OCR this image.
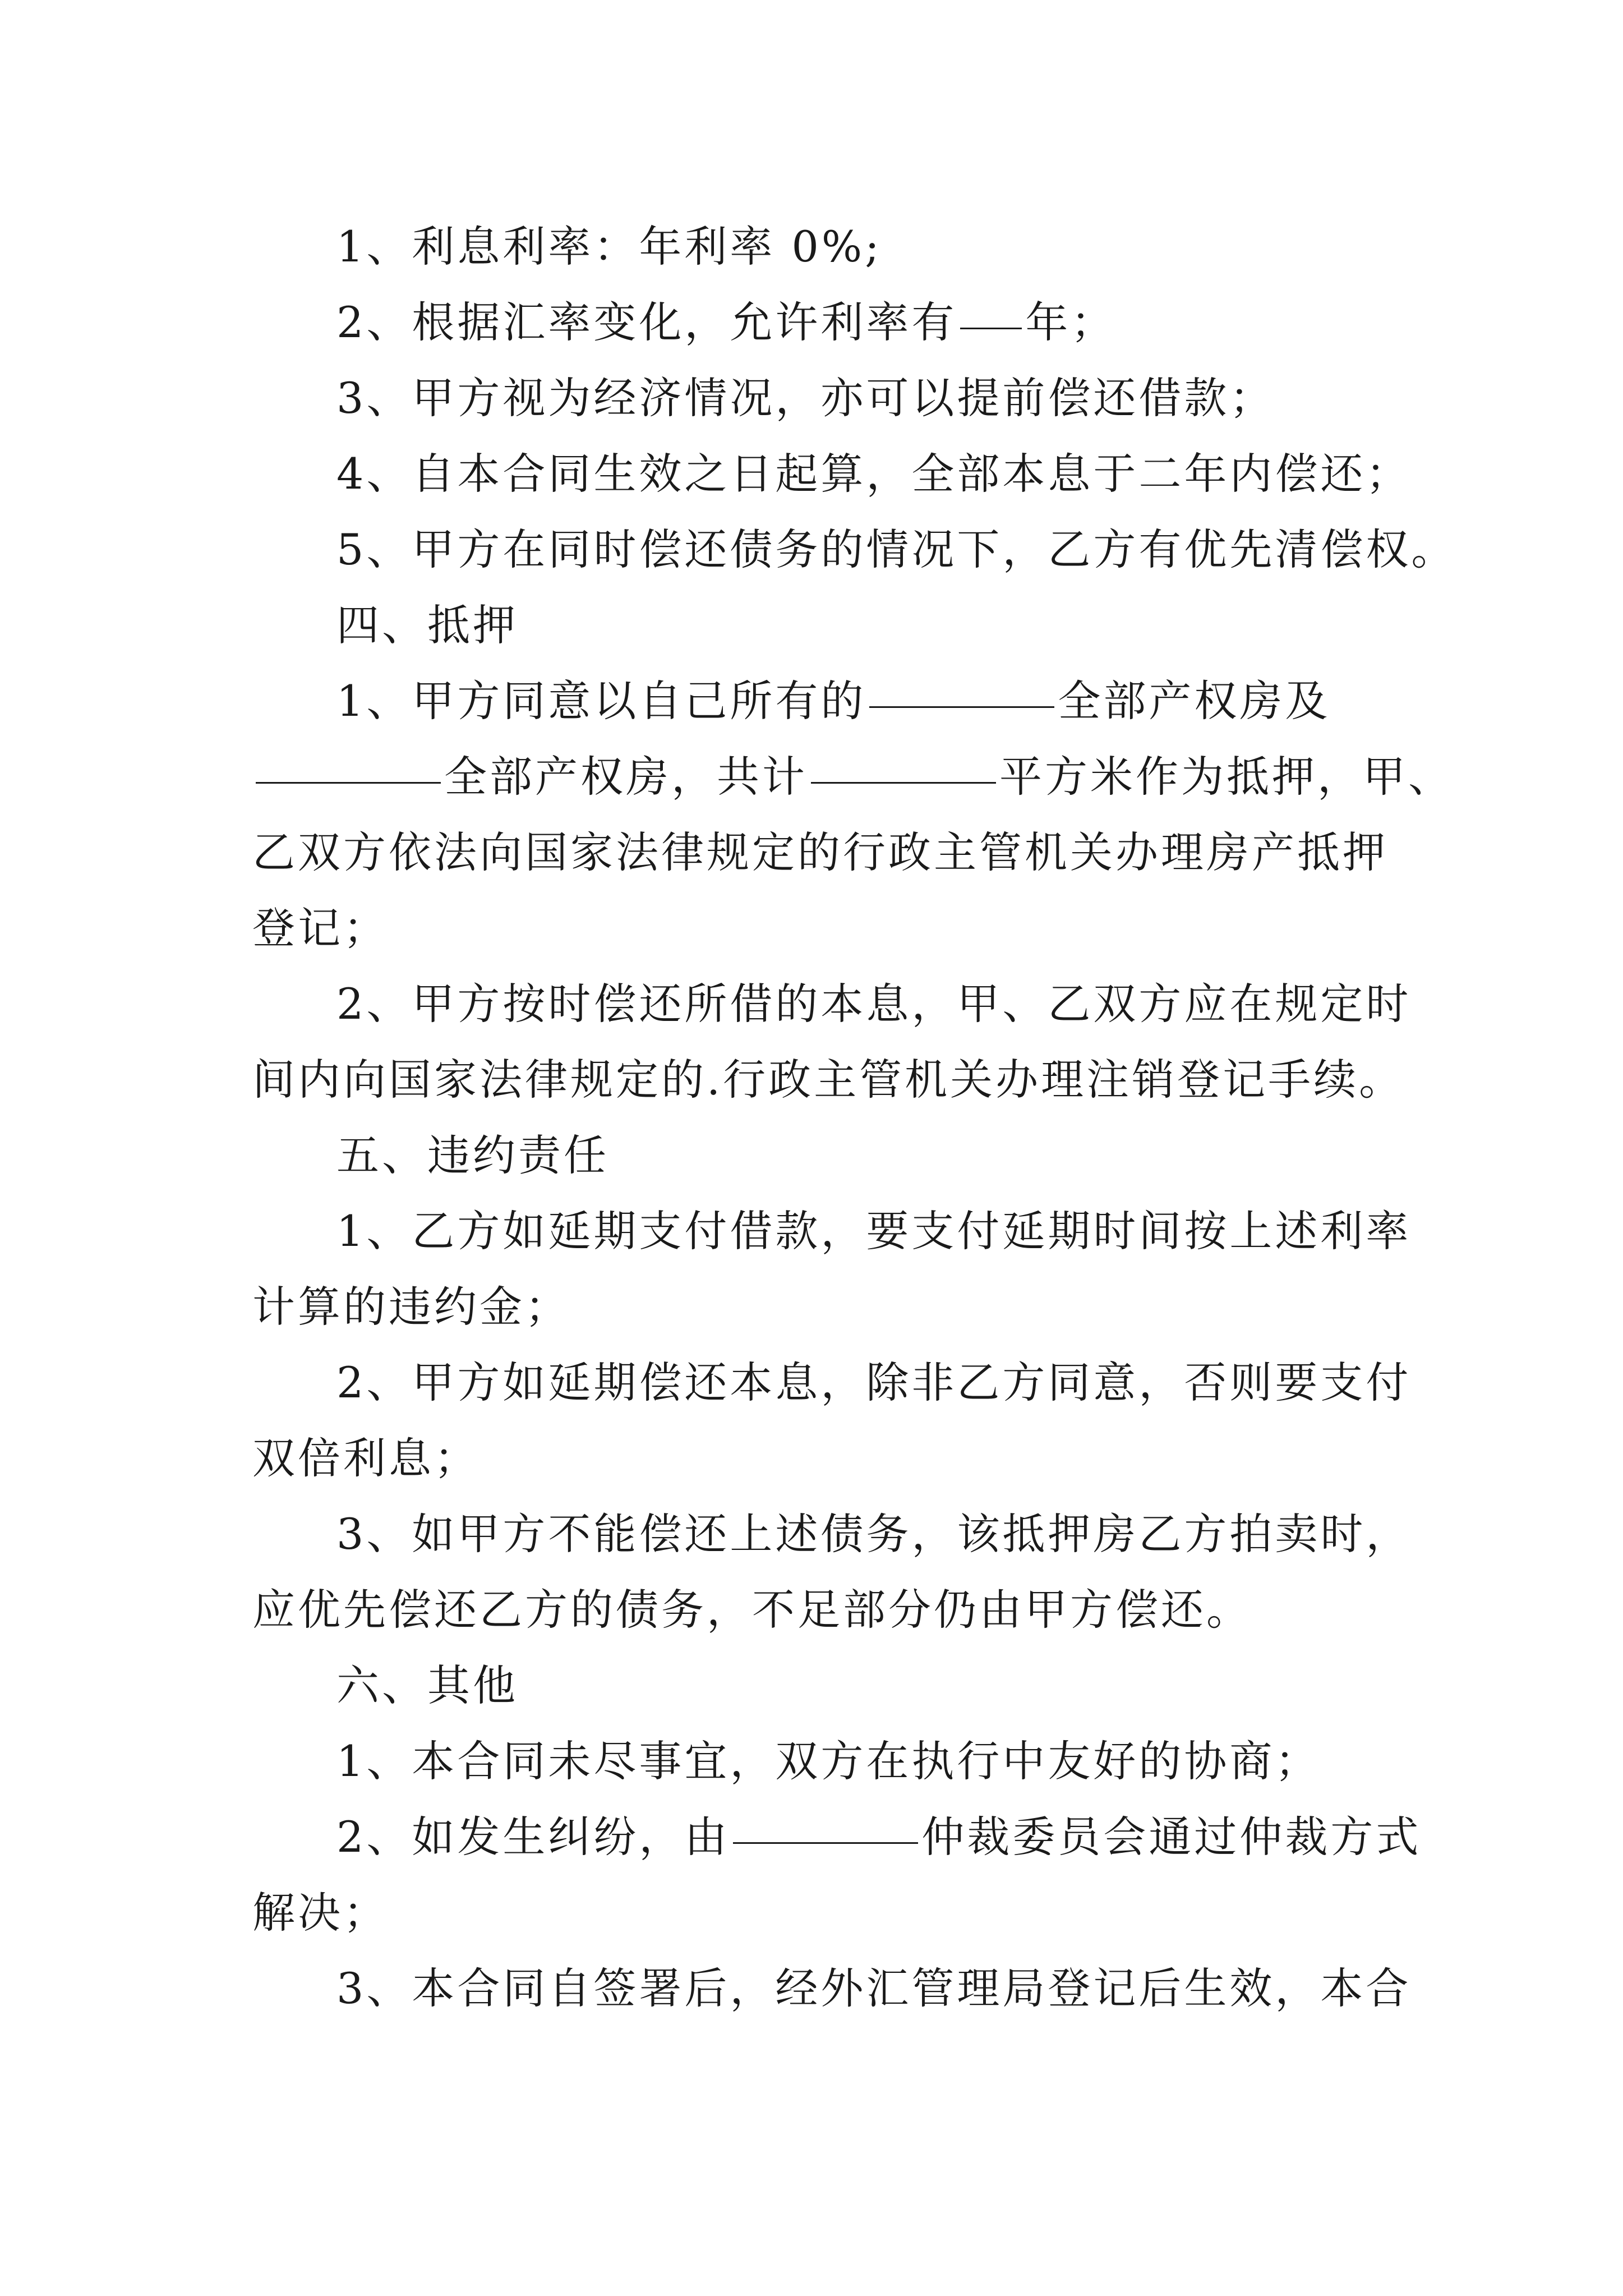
1、利息利率：年利率 0%;
2、根据汇率变化，允许利率有 年；
3、甲方视为经济情况，亦可以提前偿还借款；
4、自本合同生效之日起算，全部本息于二年内偿还；
5、甲方在同时偿还债务的情况下，乙方有优先清偿权。
四、抵押
1、甲方同意以自己所有的	全部产权房及
全部产权房，共计	平方米作为抵押，甲、
乙双方依法向国家法律规定的行政主管机关办理房产抵押
登记；
2、甲方按时偿还所借的本息，甲、乙双方应在规定时
间内向国家法律规定的.行政主管机关办理注销登记手续。
五、违约责任
1、乙方如延期支付借款，要支付延期时间按上述利率
计算的违约金；
2、甲方如延期偿还本息，除非乙方同意，否则要支付
双倍利息；
3、如甲方不能偿还上述债务，该抵押房乙方拍卖时，
应优先偿还乙方的债务，不足部分仍由甲方偿还。
六、其他
1、本合同未尽事宜，双方在执行中友好的协商；
2、如发生纠纷，由	仲裁委员会通过仲裁方式
解决；
3、本合同自签署后，经外汇管理局登记后生效，本合
